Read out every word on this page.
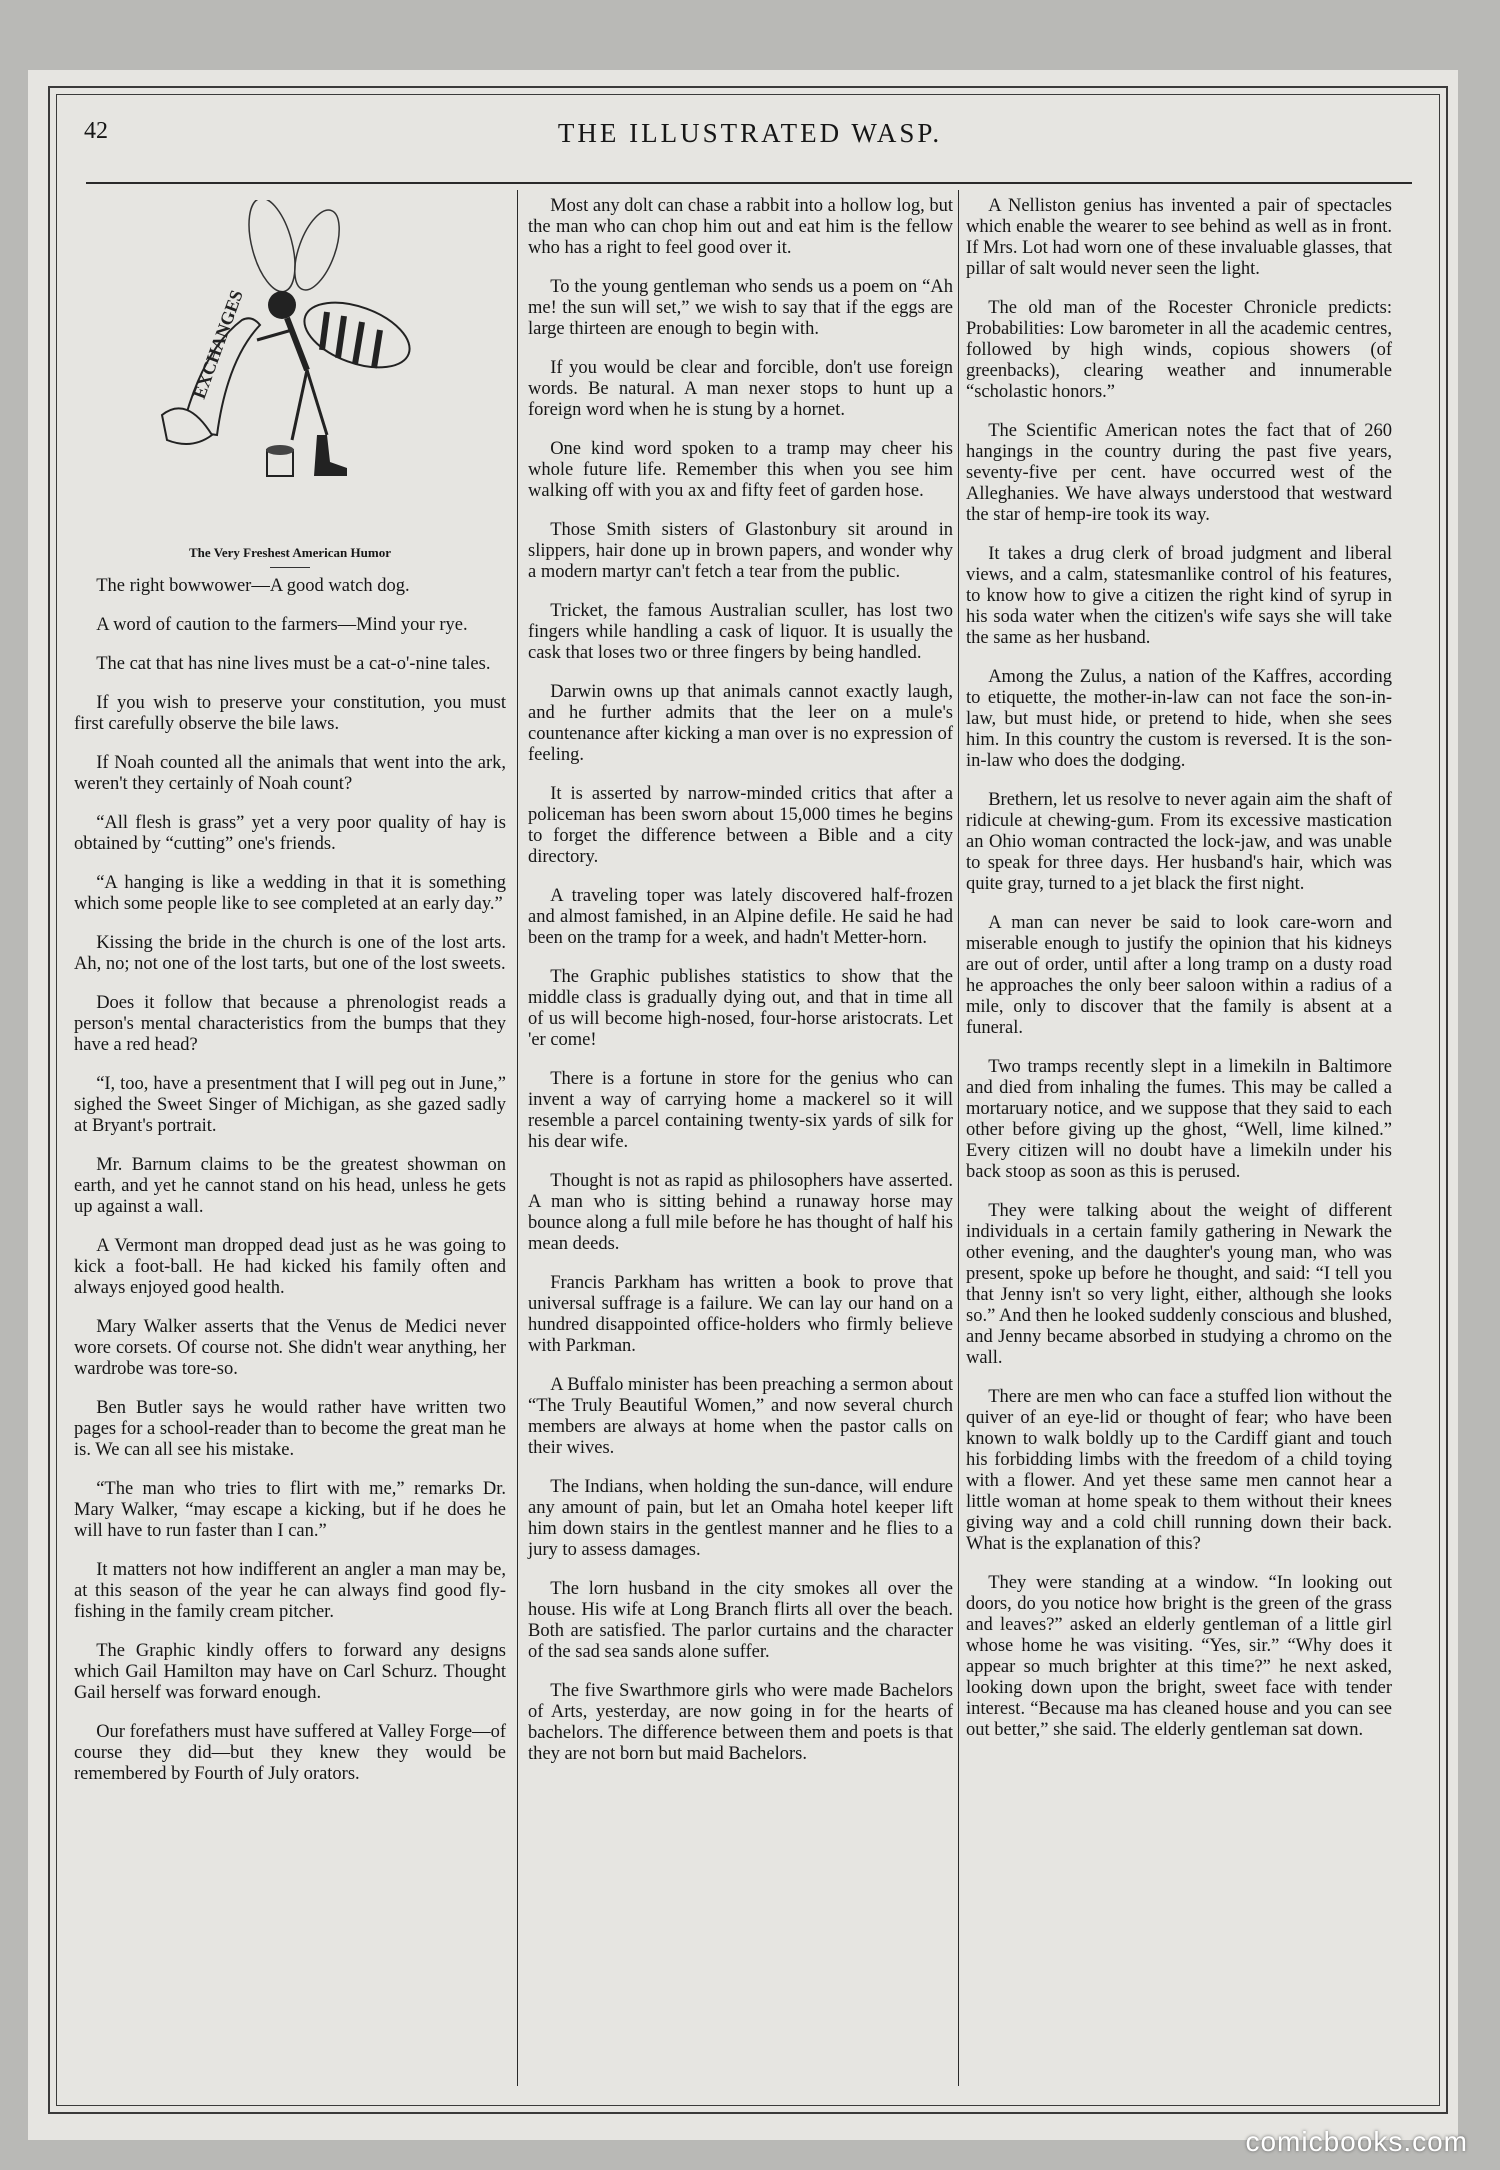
42	THE ILLUSTRATED WASP.
EXCHANGES
The Very Freshest American Humor

The right bowwower—A good watch dog.

A word of caution to the farmers—Mind your rye.

The cat that has nine lives must be a cat-o'-nine tales.

If you wish to preserve your constitution, you must first carefully observe the bile laws.

If Noah counted all the animals that went into the ark, weren't they certainly of Noah count?

“All flesh is grass” yet a very poor quality of hay is obtained by “cutting” one's friends.

“A hanging is like a wedding in that it is something which some people like to see completed at an early day.”

Kissing the bride in the church is one of the lost arts. Ah, no; not one of the lost tarts, but one of the lost sweets.

Does it follow that because a phrenologist reads a person's mental characteristics from the bumps that they have a red head?

“I, too, have a presentment that I will peg out in June,” sighed the Sweet Singer of Michigan, as she gazed sadly at Bryant's portrait.

Mr. Barnum claims to be the greatest showman on earth, and yet he cannot stand on his head, unless he gets up against a wall.

A Vermont man dropped dead just as he was going to kick a foot-ball. He had kicked his family often and always enjoyed good health.

Mary Walker asserts that the Venus de Medici never wore corsets. Of course not. She didn't wear anything, her wardrobe was tore-so.

Ben Butler says he would rather have written two pages for a school-reader than to become the great man he is. We can all see his mistake.

“The man who tries to flirt with me,” remarks Dr. Mary Walker, “may escape a kicking, but if he does he will have to run faster than I can.”

It matters not how indifferent an angler a man may be, at this season of the year he can always find good fly-fishing in the family cream pitcher.

The Graphic kindly offers to forward any designs which Gail Hamilton may have on Carl Schurz. Thought Gail herself was forward enough.

Our forefathers must have suffered at Valley Forge—of course they did—but they knew they would be remembered by Fourth of July orators.

Most any dolt can chase a rabbit into a hollow log, but the man who can chop him out and eat him is the fellow who has a right to feel good over it.

To the young gentleman who sends us a poem on “Ah me! the sun will set,” we wish to say that if the eggs are large thirteen are enough to begin with.

If you would be clear and forcible, don't use foreign words. Be natural. A man nexer stops to hunt up a foreign word when he is stung by a hornet.

One kind word spoken to a tramp may cheer his whole future life. Remember this when you see him walking off with you ax and fifty feet of garden hose.

Those Smith sisters of Glastonbury sit around in slippers, hair done up in brown papers, and wonder why a modern martyr can't fetch a tear from the public.

Tricket, the famous Australian sculler, has lost two fingers while handling a cask of liquor. It is usually the cask that loses two or three fingers by being handled.

Darwin owns up that animals cannot exactly laugh, and he further admits that the leer on a mule's countenance after kicking a man over is no expression of feeling.

It is asserted by narrow-minded critics that after a policeman has been sworn about 15,000 times he begins to forget the difference between a Bible and a city directory.

A traveling toper was lately discovered half-frozen and almost famished, in an Alpine defile. He said he had been on the tramp for a week, and hadn't Metter-horn.

The Graphic publishes statistics to show that the middle class is gradually dying out, and that in time all of us will become high-nosed, four-horse aristocrats. Let 'er come!

There is a fortune in store for the genius who can invent a way of carrying home a mackerel so it will resemble a parcel containing twenty-six yards of silk for his dear wife.

Thought is not as rapid as philosophers have asserted. A man who is sitting behind a runaway horse may bounce along a full mile before he has thought of half his mean deeds.

Francis Parkham has written a book to prove that universal suffrage is a failure. We can lay our hand on a hundred disappointed office-holders who firmly believe with Parkman.

A Buffalo minister has been preaching a sermon about “The Truly Beautiful Women,” and now several church members are always at home when the pastor calls on their wives.

The Indians, when holding the sun-dance, will endure any amount of pain, but let an Omaha hotel keeper lift him down stairs in the gentlest manner and he flies to a jury to assess damages.

The lorn husband in the city smokes all over the house. His wife at Long Branch flirts all over the beach. Both are satisfied. The parlor curtains and the character of the sad sea sands alone suffer.

The five Swarthmore girls who were made Bachelors of Arts, yesterday, are now going in for the hearts of bachelors. The difference between them and poets is that they are not born but maid Bachelors.

A Nelliston genius has invented a pair of spectacles which enable the wearer to see behind as well as in front. If Mrs. Lot had worn one of these invaluable glasses, that pillar of salt would never seen the light.

The old man of the Rocester Chronicle predicts: Probabilities: Low barometer in all the academic centres, followed by high winds, copious showers (of greenbacks), clearing weather and innumerable “scholastic honors.”

The Scientific American notes the fact that of 260 hangings in the country during the past five years, seventy-five per cent. have occurred west of the Alleghanies. We have always understood that westward the star of hemp-ire took its way.

It takes a drug clerk of broad judgment and liberal views, and a calm, statesmanlike control of his features, to know how to give a citizen the right kind of syrup in his soda water when the citizen's wife says she will take the same as her husband.

Among the Zulus, a nation of the Kaffres, according to etiquette, the mother-in-law can not face the son-in-law, but must hide, or pretend to hide, when she sees him. In this country the custom is reversed. It is the son-in-law who does the dodging.

Brethern, let us resolve to never again aim the shaft of ridicule at chewing-gum. From its excessive mastication an Ohio woman contracted the lock-jaw, and was unable to speak for three days. Her husband's hair, which was quite gray, turned to a jet black the first night.

A man can never be said to look care-worn and miserable enough to justify the opinion that his kidneys are out of order, until after a long tramp on a dusty road he approaches the only beer saloon within a radius of a mile, only to discover that the family is absent at a funeral.

Two tramps recently slept in a limekiln in Baltimore and died from inhaling the fumes. This may be called a mortaruary notice, and we suppose that they said to each other before giving up the ghost, “Well, lime kilned.” Every citizen will no doubt have a limekiln under his back stoop as soon as this is perused.

They were talking about the weight of different individuals in a certain family gathering in Newark the other evening, and the daughter's young man, who was present, spoke up before he thought, and said: “I tell you that Jenny isn't so very light, either, although she looks so.” And then he looked suddenly conscious and blushed, and Jenny became absorbed in studying a chromo on the wall.

There are men who can face a stuffed lion without the quiver of an eye-lid or thought of fear; who have been known to walk boldly up to the Cardiff giant and touch his forbidding limbs with the freedom of a child toying with a flower. And yet these same men cannot hear a little woman at home speak to them without their knees giving way and a cold chill running down their back. What is the explanation of this?

They were standing at a window. “In looking out doors, do you notice how bright is the green of the grass and leaves?” asked an elderly gentleman of a little girl whose home he was visiting. “Yes, sir.” “Why does it appear so much brighter at this time?” he next asked, looking down upon the bright, sweet face with tender interest. “Because ma has cleaned house and you can see out better,” she said. The elderly gentleman sat down.

comicbooks.com
